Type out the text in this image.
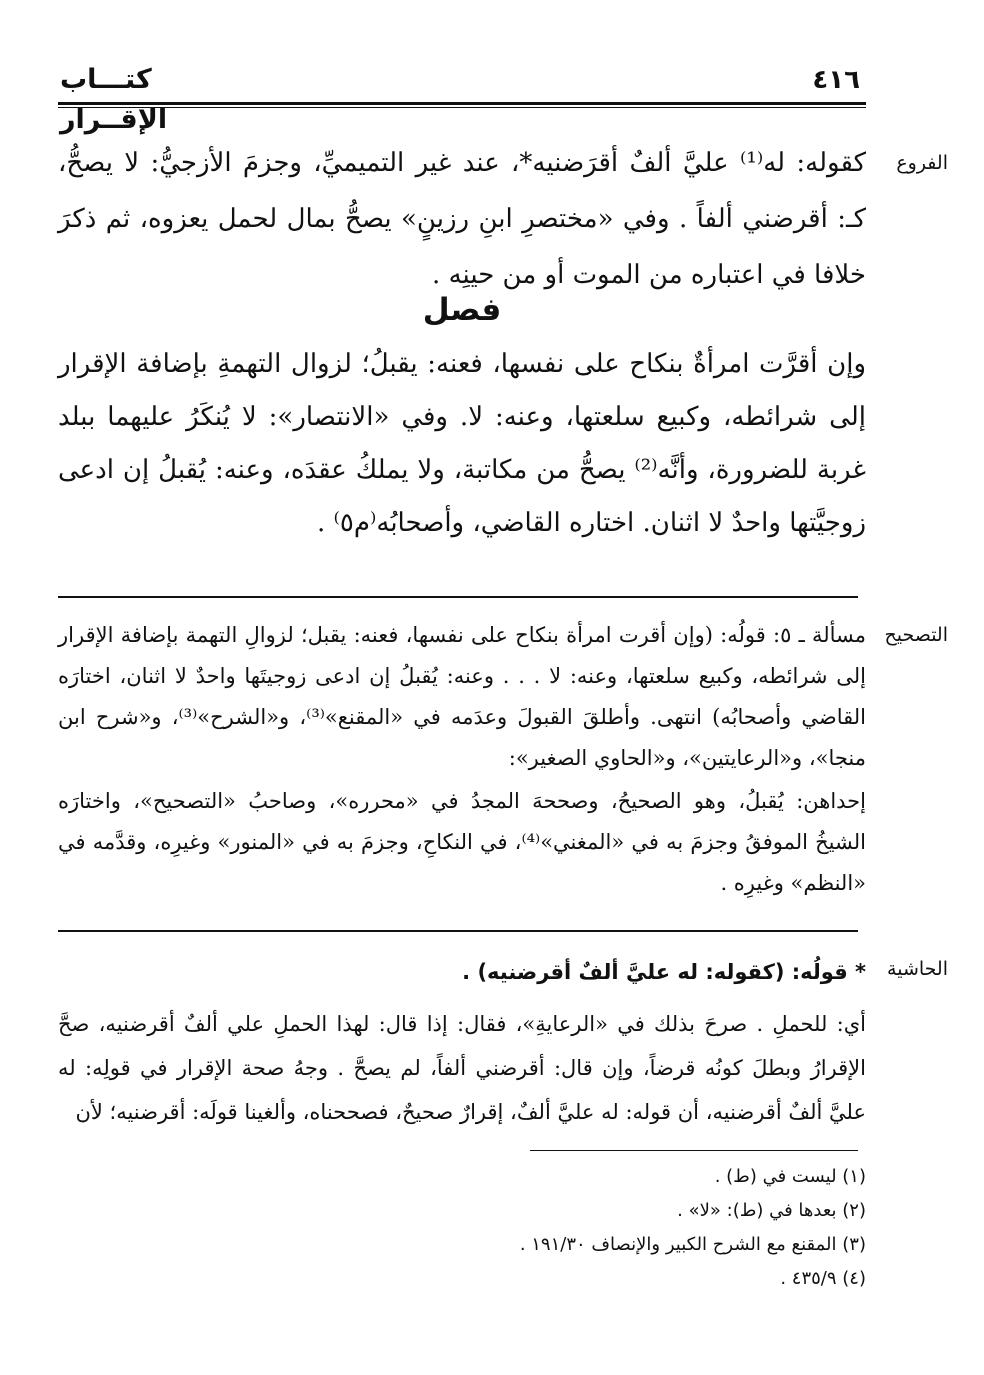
كتـــاب الإقــرار
٤١٦
الفروع
كقوله: له⁽¹⁾ عليَّ ألفٌ أقرَضنيه*، عند غير التميميِّ، وجزمَ الأزجيُّ: لا يصحُّ، كـ: أقرضني ألفاً . وفي «مختصرِ ابنِ رزينٍ» يصحُّ بمال لحمل يعزوه، ثم ذكرَ خلافا في اعتباره من الموت أو من حينِه .
فصل
وإن أقرَّت امرأةٌ بنكاح على نفسها، فعنه: يقبلُ؛ لزوال التهمةِ بإضافة الإقرار إلى شرائطه، وكبيع سلعتها، وعنه: لا. وفي «الانتصار»: لا يُنكَرُ عليهما ببلد غربة للضرورة، وأنَّه⁽²⁾ يصحُّ من مكاتبة، ولا يملكُ عقدَه، وعنه: يُقبلُ إن ادعى زوجيَّتها واحدٌ لا اثنان. اختاره القاضي، وأصحابُه⁽م٥⁾ .
التصحيح

مسألة ـ ٥: قولُه: (وإن أقرت امرأة بنكاح على نفسها، فعنه: يقبل؛ لزوالِ التهمة بإضافة الإقرار إلى شرائطه، وكبيع سلعتها، وعنه: لا . . . وعنه: يُقبلُ إن ادعى زوجيتَها واحدٌ لا اثنان، اختارَه القاضي وأصحابُه) انتهى. وأطلقَ القبولَ وعدَمه في «المقنع»⁽³⁾، و«الشرح»⁽³⁾، و«شرح ابن منجا»، و«الرعايتين»، و«الحاوي الصغير»:

إحداهن: يُقبلُ، وهو الصحيحُ، وصححهَ المجدُ في «محرره»، وصاحبُ «التصحيح»، واختارَه الشيخُ الموفقُ وجزمَ به في «المغني»⁽⁴⁾، في النكاحِ، وجزمَ به في «المنور» وغيرِه، وقدَّمه في «النظم» وغيرِه .

الحاشية
* قولُه: (كقوله: له عليَّ ألفٌ أقرضنيه) .
أي: للحملِ . صرحَ بذلك في «الرعايةِ»، فقال: إذا قال: لهذا الحملِ علي ألفٌ أقرضنيه، صحَّ الإقرارُ وبطلَ كونُه قرضاً، وإن قال: أقرضني ألفاً، لم يصحَّ . وجهُ صحة الإقرار في قولِه: له عليَّ ألفٌ أقرضنيه، أن قوله: له عليَّ ألفٌ، إقرارٌ صحيحٌ، فصححناه، وألغينا قولَه: أقرضنيه؛ لأن
(١) ليست في (ط) .
(٢) بعدها في (ط): «لا» .
(٣) المقنع مع الشرح الكبير والإنصاف ١٩١/٣٠ .
(٤) ٤٣٥/٩ .
